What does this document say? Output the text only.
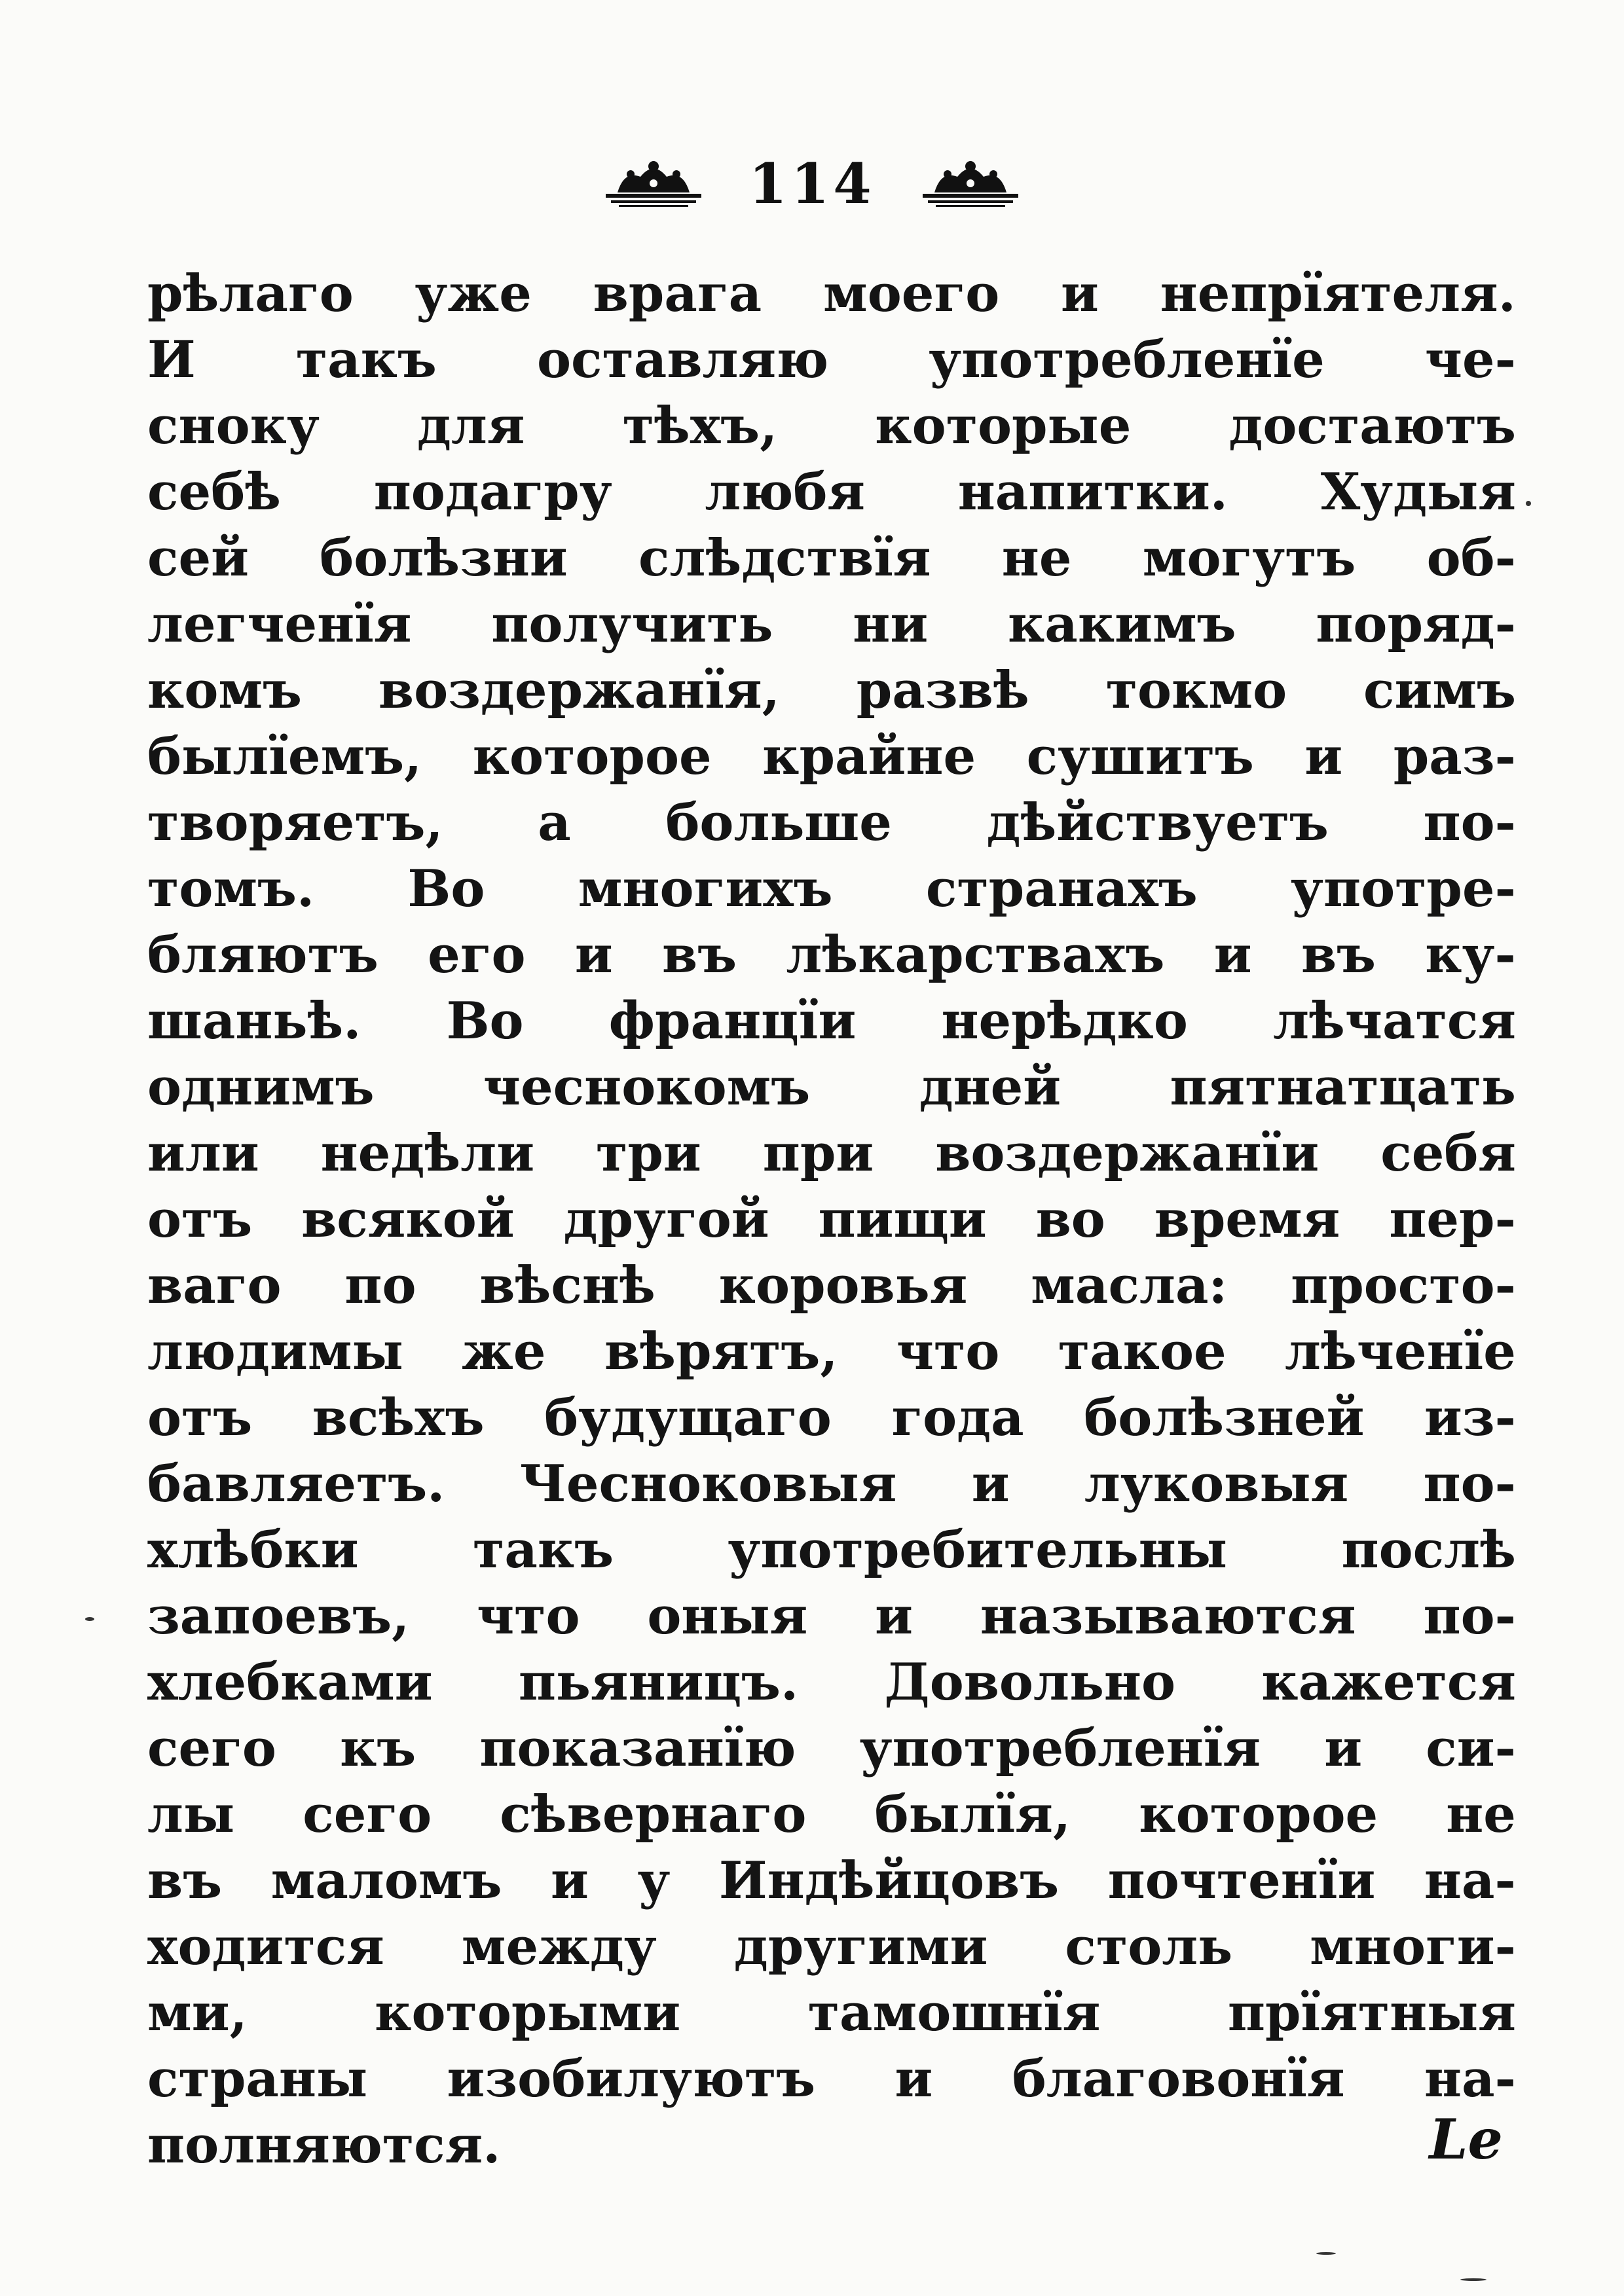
114
рѣлаго уже врага моего и непрїятеля.
И такъ оставляю употребленїе че-
сноку для тѣхъ, которые достаютъ
себѣ подагру любя напитки. Худыя
сей болѣзни слѣдствїя не могутъ об-
легченїя получить ни какимъ поряд-
комъ воздержанїя, развѣ токмо симъ
былїемъ, которое крайне сушитъ и раз-
творяетъ, а больше дѣйствуетъ по-
томъ. Во многихъ странахъ употре-
бляютъ его и въ лѣкарствахъ и въ ку-
шаньѣ. Во францїи нерѣдко лѣчатся
однимъ чеснокомъ дней пятнатцать
или недѣли три при воздержанїи себя
отъ всякой другой пищи во время пер-
ваго по вѣснѣ коровья масла: просто-
людимы же вѣрятъ, что такое лѣченїе
отъ всѣхъ будущаго года болѣзней из-
бавляетъ. Чесноковыя и луковыя по-
хлѣбки такъ употребительны послѣ
запоевъ, что оныя и называются по-
хлебками пьяницъ. Довольно кажется
сего къ показанїю употребленїя и си-
лы сего сѣвернаго былїя, которое не
въ маломъ и у Индѣйцовъ почтенїи на-
ходится между другими столь многи-
ми, которыми тамошнїя прїятныя
страны изобилуютъ и благовонїя на-
полняются.	Le
